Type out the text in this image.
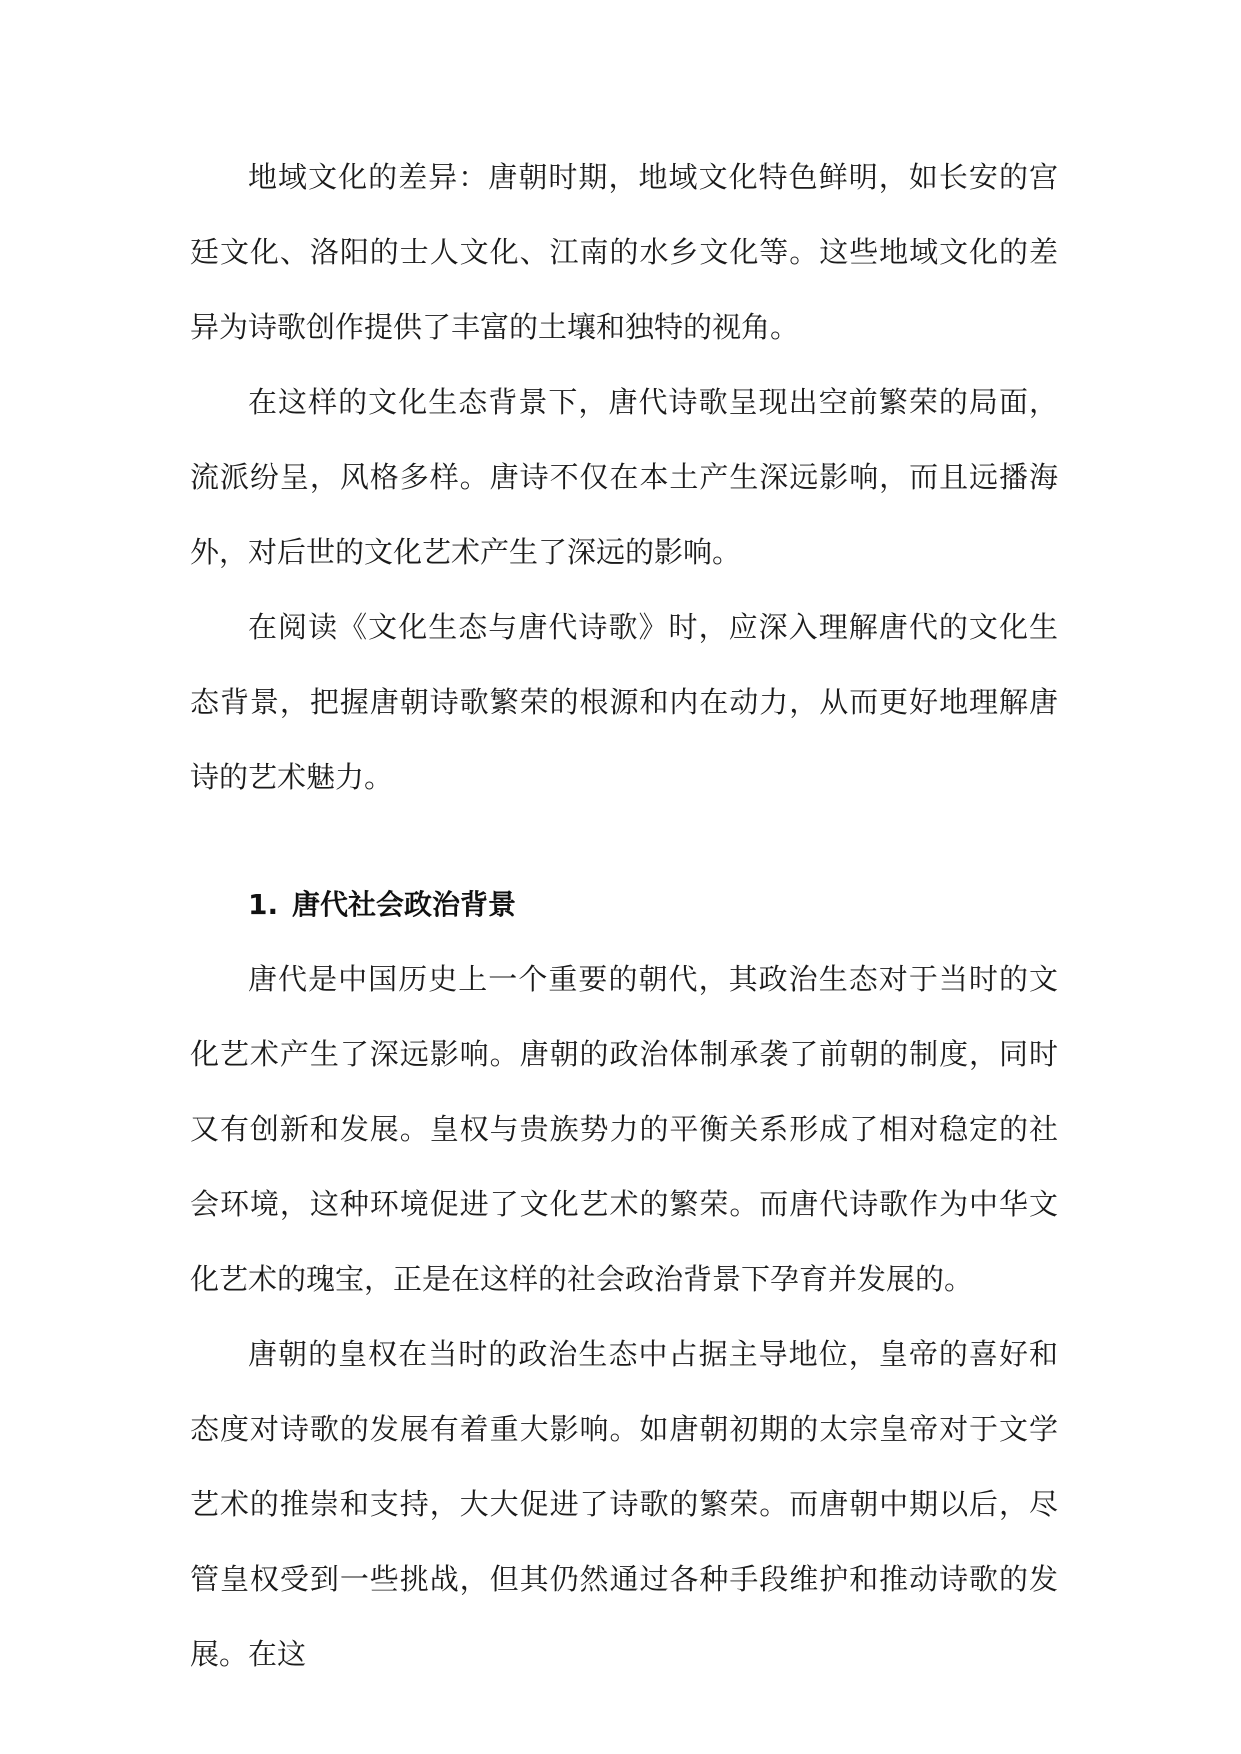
地域文化的差异：唐朝时期，地域文化特色鲜明，如长安的宫廷文化、洛阳的士人文化、江南的水乡文化等。这些地域文化的差异为诗歌创作提供了丰富的土壤和独特的视角。

在这样的文化生态背景下，唐代诗歌呈现出空前繁荣的局面，流派纷呈，风格多样。唐诗不仅在本土产生深远影响，而且远播海外，对后世的文化艺术产生了深远的影响。

在阅读《文化生态与唐代诗歌》时，应深入理解唐代的文化生态背景，把握唐朝诗歌繁荣的根源和内在动力，从而更好地理解唐诗的艺术魅力。

1. 唐代社会政治背景

唐代是中国历史上一个重要的朝代，其政治生态对于当时的文化艺术产生了深远影响。唐朝的政治体制承袭了前朝的制度，同时又有创新和发展。皇权与贵族势力的平衡关系形成了相对稳定的社会环境，这种环境促进了文化艺术的繁荣。而唐代诗歌作为中华文化艺术的瑰宝，正是在这样的社会政治背景下孕育并发展的。

唐朝的皇权在当时的政治生态中占据主导地位，皇帝的喜好和态度对诗歌的发展有着重大影响。如唐朝初期的太宗皇帝对于文学艺术的推崇和支持，大大促进了诗歌的繁荣。而唐朝中期以后，尽管皇权受到一些挑战，但其仍然通过各种手段维护和推动诗歌的发展。在这
